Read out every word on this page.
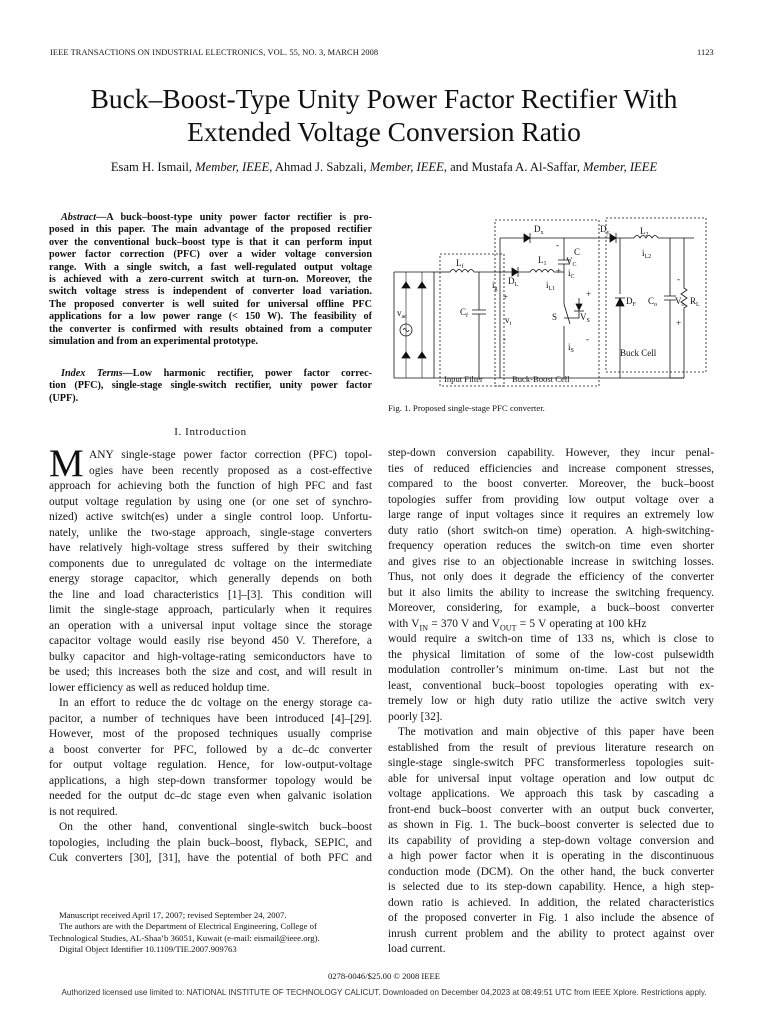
IEEE TRANSACTIONS ON INDUSTRIAL ELECTRONICS, VOL. 55, NO. 3, MARCH 2008	1123
Buck–Boost-Type Unity Power Factor Rectifier With
Extended Voltage Conversion Ratio
Esam H. Ismail, Member, IEEE, Ahmad J. Sabzali, Member, IEEE, and Mustafa A. Al-Saffar, Member, IEEE
Abstract—A buck–boost-type unity power factor rectifier is pro-
posed in this paper. The main advantage of the proposed rectifier
over the conventional buck–boost type is that it can perform input
power factor correction (PFC) over a wider voltage conversion
range. With a single switch, a fast well-regulated output voltage
is achieved with a zero-current switch at turn-on. Moreover, the
switch voltage stress is independent of converter load variation.
The proposed converter is well suited for universal offline PFC
applications for a low power range (< 150 W). The feasibility of
the converter is confirmed with results obtained from a computer
simulation and from an experimental prototype.
Index Terms—Low harmonic rectifier, power factor correc-
tion (PFC), single-stage single-switch rectifier, unity power factor
(UPF).
I. Introduction
M ANY single-stage power factor correction (PFC) topol-
ogies have been recently proposed as a cost-effective
approach for achieving both the function of high PFC and fast
output voltage regulation by using one (or one set of synchro-
nized) active switch(es) under a single control loop. Unfortu-
nately, unlike the two-stage approach, single-stage converters
have relatively high-voltage stress suffered by their switching
components due to unregulated dc voltage on the intermediate
energy storage capacitor, which generally depends on both
the line and load characteristics [1]–[3]. This condition will
limit the single-stage approach, particularly when it requires
an operation with a universal input voltage since the storage
capacitor voltage would easily rise beyond 450 V. Therefore, a
bulky capacitor and high-voltage-rating semiconductors have to
be used; this increases both the size and cost, and will result in
lower efficiency as well as reduced holdup time.
In an effort to reduce the dc voltage on the energy storage ca-
pacitor, a number of techniques have been introduced [4]–[29].
However, most of the proposed techniques usually comprise
a boost converter for PFC, followed by a dc–dc converter
for output voltage regulation. Hence, for low-output-voltage
applications, a high step-down transformer topology would be
needed for the output dc–dc stage even when galvanic isolation
is not required.
On the other hand, conventional single-switch buck–boost
topologies, including the plain buck–boost, flyback, SEPIC, and
Cuk converters [30], [31], have the potential of both PFC and
Manuscript received April 17, 2007; revised September 24, 2007.
The authors are with the Department of Electrical Engineering, College of
Technological Studies, AL-Shaa’b 36051, Kuwait (e-mail: eismail@ieee.org).
Digital Object Identifier 10.1109/TIE.2007.909763
step-down conversion capability. However, they incur penal-
ties of reduced efficiencies and increase component stresses,
compared to the boost converter. Moreover, the buck–boost
topologies suffer from providing low output voltage over a
large range of input voltages since it requires an extremely low
duty ratio (short switch-on time) operation. A high-switching-
frequency operation reduces the switch-on time even shorter
and gives rise to an objectionable increase in switching losses.
Thus, not only does it degrade the efficiency of the converter
but it also limits the ability to increase the switching frequency.
Moreover, considering, for example, a buck–boost converter
with $V_{IN} = 370$ V and $V_{OUT} = 5$ V operating at 100 kHz
would require a switch-on time of 133 ns, which is close to
the physical limitation of some of the low-cost pulsewidth
modulation controller’s minimum on-time. Last but not the
least, conventional buck–boost topologies operating with ex-
tremely low or high duty ratio utilize the active switch very
poorly [32].
The motivation and main objective of this paper have been
established from the result of previous literature research on
single-stage single-switch PFC transformerless topologies suit-
able for universal input voltage operation and low output dc
voltage applications. We approach this task by cascading a
front-end buck–boost converter with an output buck converter,
as shown in Fig. 1. The buck–boost converter is selected due to
its capability of providing a step-down voltage conversion and
a high power factor when it is operating in the discontinuous
conduction mode (DCM). On the other hand, the buck converter
is selected due to its step-down capability. Hence, a high step-
down ratio is achieved. In addition, the related characteristics
of the proposed converter in Fig. 1 also include the absence of
inrush current problem and the ability to protect against over
load current.
$v_{ac}$
$L_f$
$C_f$	$v_i$
+
-
$i_g$
$D_L$
$L_1$
$i_{L1}$
$D_x$	$D_y$
C
$V_C$
-
+ $i_C$
+
S	$V_S$
-
$i_S$
$L_2$
$i_{L2}$
$D_F$ $C_o$ $V_o$
-
+
$R_L$
Buck Cell
Input Filter	Buck-Boost Cell
Fig. 1. Proposed single-stage PFC converter.
0278-0046/$25.00 © 2008 IEEE
Authorized licensed use limited to: NATIONAL INSTITUTE OF TECHNOLOGY CALICUT. Downloaded on December 04,2023 at 08:49:51 UTC from IEEE Xplore. Restrictions apply.
